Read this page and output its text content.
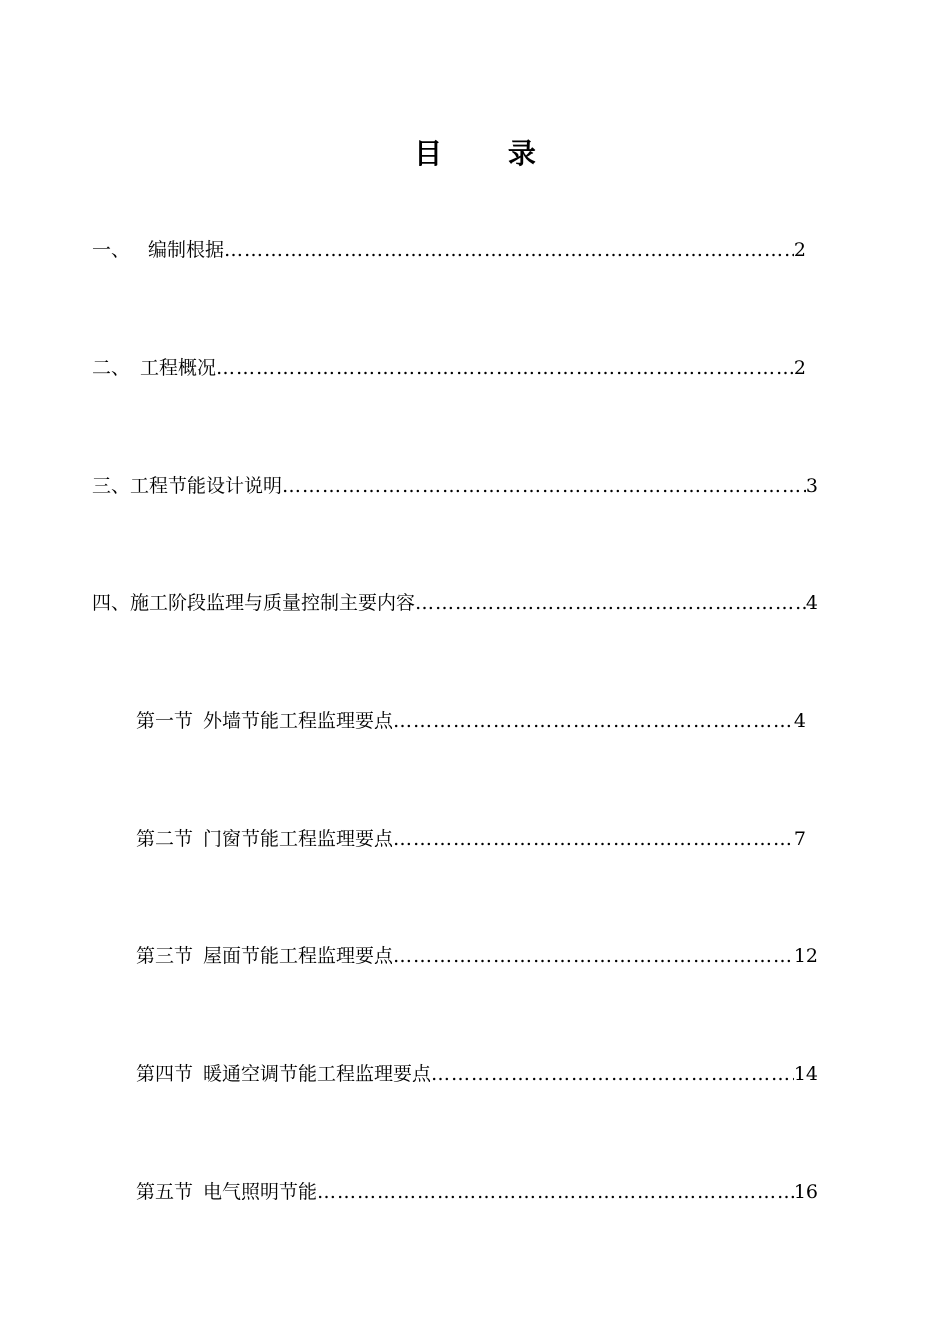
目 录
一、 编制根据 …………………………………………………………………………………………………………………………………………………………………………………………………………………………	2
二、 工程概况 …………………………………………………………………………………………………………………………………………………………………………………………………………………………	2
三、 工程节能设计说明 …………………………………………………………………………………………………………………………………………………………………………………………………………………………	3
四、 施工阶段监理与质量控制主要内容 …………………………………………………………………………………………………………………………………………………………………………………………………………………………	4
第一节 外墙节能工程监理要点 …………………………………………………………………………………………………………………………………………………………………………………………………………………………	4
第二节 门窗节能工程监理要点 …………………………………………………………………………………………………………………………………………………………………………………………………………………………	7
第三节 屋面节能工程监理要点 …………………………………………………………………………………………………………………………………………………………………………………………………………………………	12
第四节 暖通空调节能工程监理要点 …………………………………………………………………………………………………………………………………………………………………………………………………………………………	14
第五节 电气照明节能 …………………………………………………………………………………………………………………………………………………………………………………………………………………………	16
